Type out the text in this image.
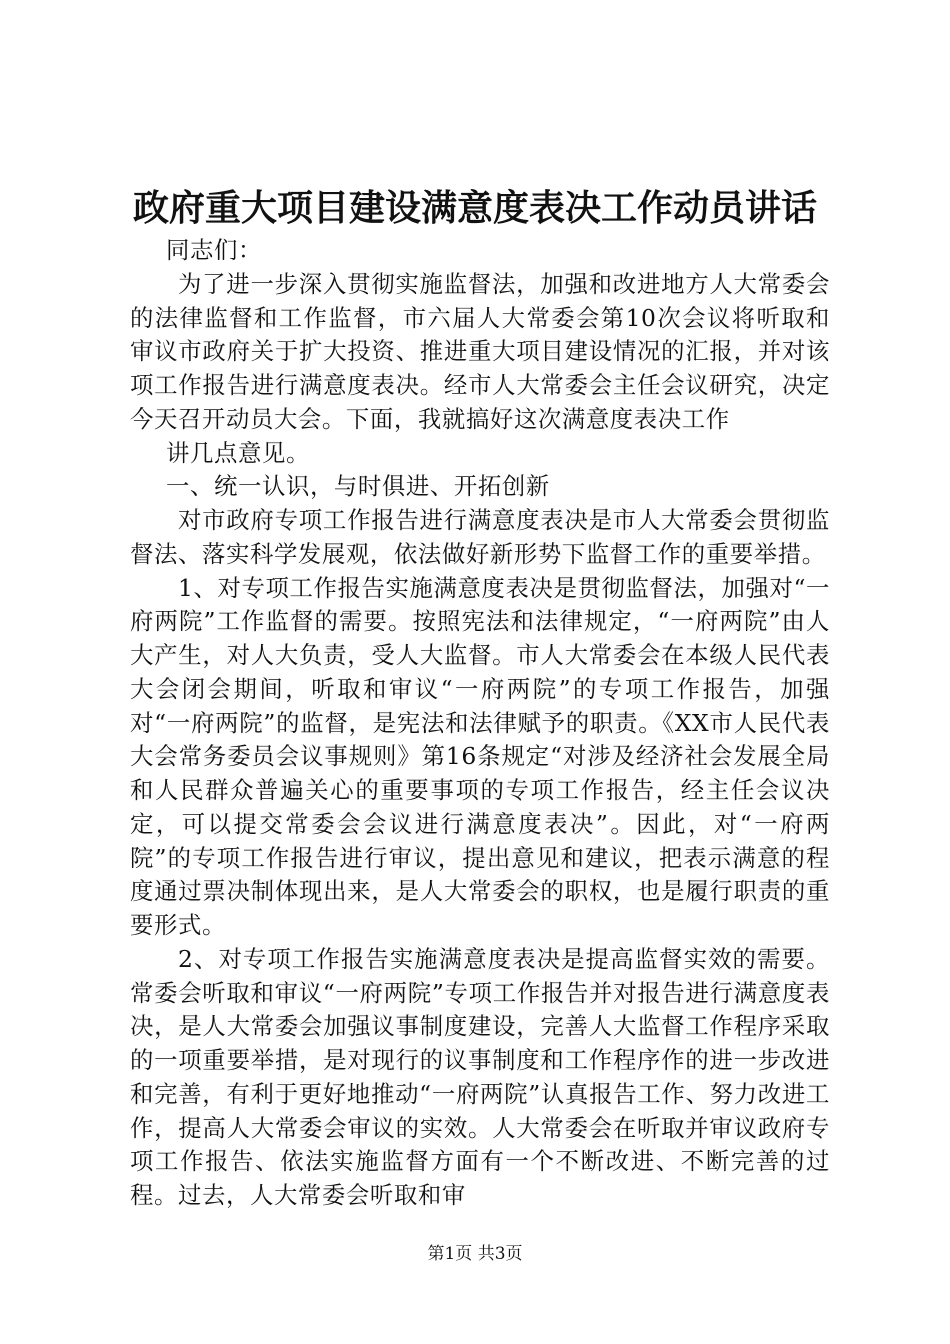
政府重大项目建设满意度表决工作动员讲话

同志们：

为了进一步深入贯彻实施监督法，加强和改进地方人大常委会的法律监督和工作监督，市六届人大常委会第10次会议将听取和审议市政府关于扩大投资、推进重大项目建设情况的汇报，并对该项工作报告进行满意度表决。经市人大常委会主任会议研究，决定今天召开动员大会。下面，我就搞好这次满意度表决工作

讲几点意见。

一、统一认识，与时俱进、开拓创新

对市政府专项工作报告进行满意度表决是市人大常委会贯彻监督法、落实科学发展观，依法做好新形势下监督工作的重要举措。

1、对专项工作报告实施满意度表决是贯彻监督法，加强对“一府两院”工作监督的需要。按照宪法和法律规定，“一府两院”由人大产生，对人大负责，受人大监督。市人大常委会在本级人民代表大会闭会期间，听取和审议“一府两院”的专项工作报告，加强对“一府两院”的监督，是宪法和法律赋予的职责。《XX市人民代表大会常务委员会议事规则》第16条规定“对涉及经济社会发展全局和人民群众普遍关心的重要事项的专项工作报告，经主任会议决定，可以提交常委会会议进行满意度表决”。因此，对“一府两院”的专项工作报告进行审议，提出意见和建议，把表示满意的程度通过票决制体现出来，是人大常委会的职权，也是履行职责的重要形式。

2、对专项工作报告实施满意度表决是提高监督实效的需要。常委会听取和审议“一府两院”专项工作报告并对报告进行满意度表决，是人大常委会加强议事制度建设，完善人大监督工作程序采取的一项重要举措，是对现行的议事制度和工作程序作的进一步改进和完善，有利于更好地推动“一府两院”认真报告工作、努力改进工作，提高人大常委会审议的实效。人大常委会在听取并审议政府专项工作报告、依法实施监督方面有一个不断改进、不断完善的过程。过去，人大常委会听取和审

第1页 共3页
